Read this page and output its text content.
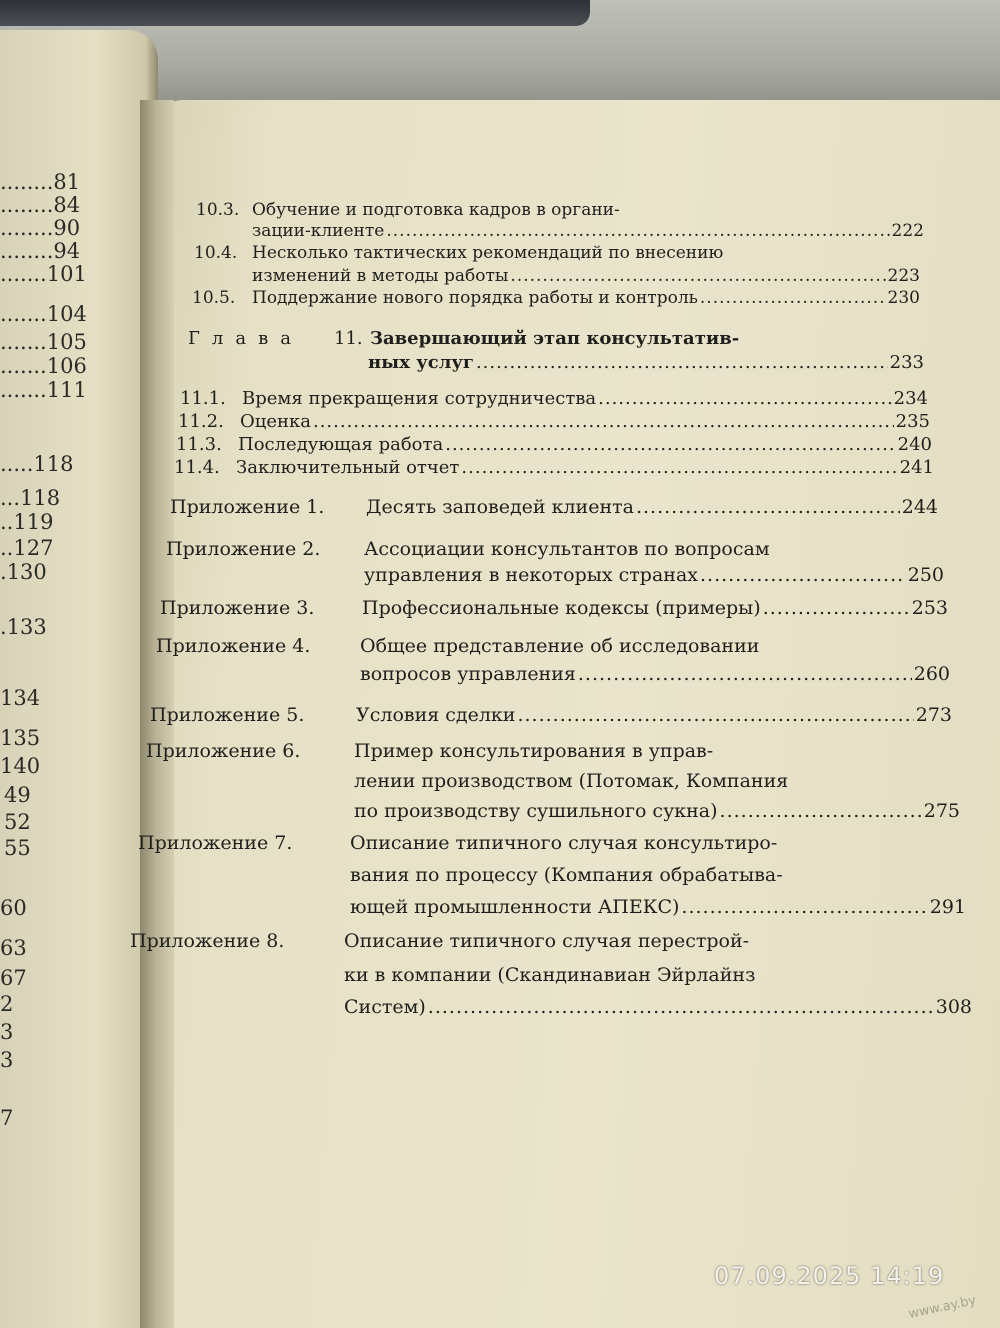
........81
........84
........90
........94
.......101
.......104
.......105
.......106
.......111
.....118
...118
..119
..127
.130
.133
134
135
140
49
52
55
60
63
67
2
3
3
7
10.3. Обучение и подготовка кадров в органи-
зации-клиенте .....	222
10.4. Несколько тактических рекомендаций по внесению
изменений в методы работы .....	223
10.5. Поддержание нового порядка работы и контроль .....	230
Глава	11. Завершающий этап консультатив-
ных услуг .....	233
11.1. Время прекращения сотрудничества .....	234
11.2. Оценка .....	235
11.3. Последующая работа .....	240
11.4. Заключительный отчет .....	241
Приложение 1.	Десять заповедей клиента .....	244
Приложение 2.	Ассоциации консультантов по вопросам
управления в некоторых странах .....	250
Приложение 3.	Профессиональные кодексы (примеры) .....	253
Приложение 4.	Общее представление об исследовании
вопросов управления .....	260
Приложение 5.	Условия сделки .....	273
Приложение 6.	Пример консультирования в управ-
лении производством (Потомак, Компания
по производству сушильного сукна) .....	275
Приложение 7.	Описание типичного случая консультиро-
вания по процессу (Компания обрабатыва-
ющей промышленности АПЕКС) .....	291
Приложение 8.	Описание типичного случая перестрой-
ки в компании (Скандинавиан Эйрлайнз
Систем) .....	308
07.09.2025 14:19
www.ay.by
